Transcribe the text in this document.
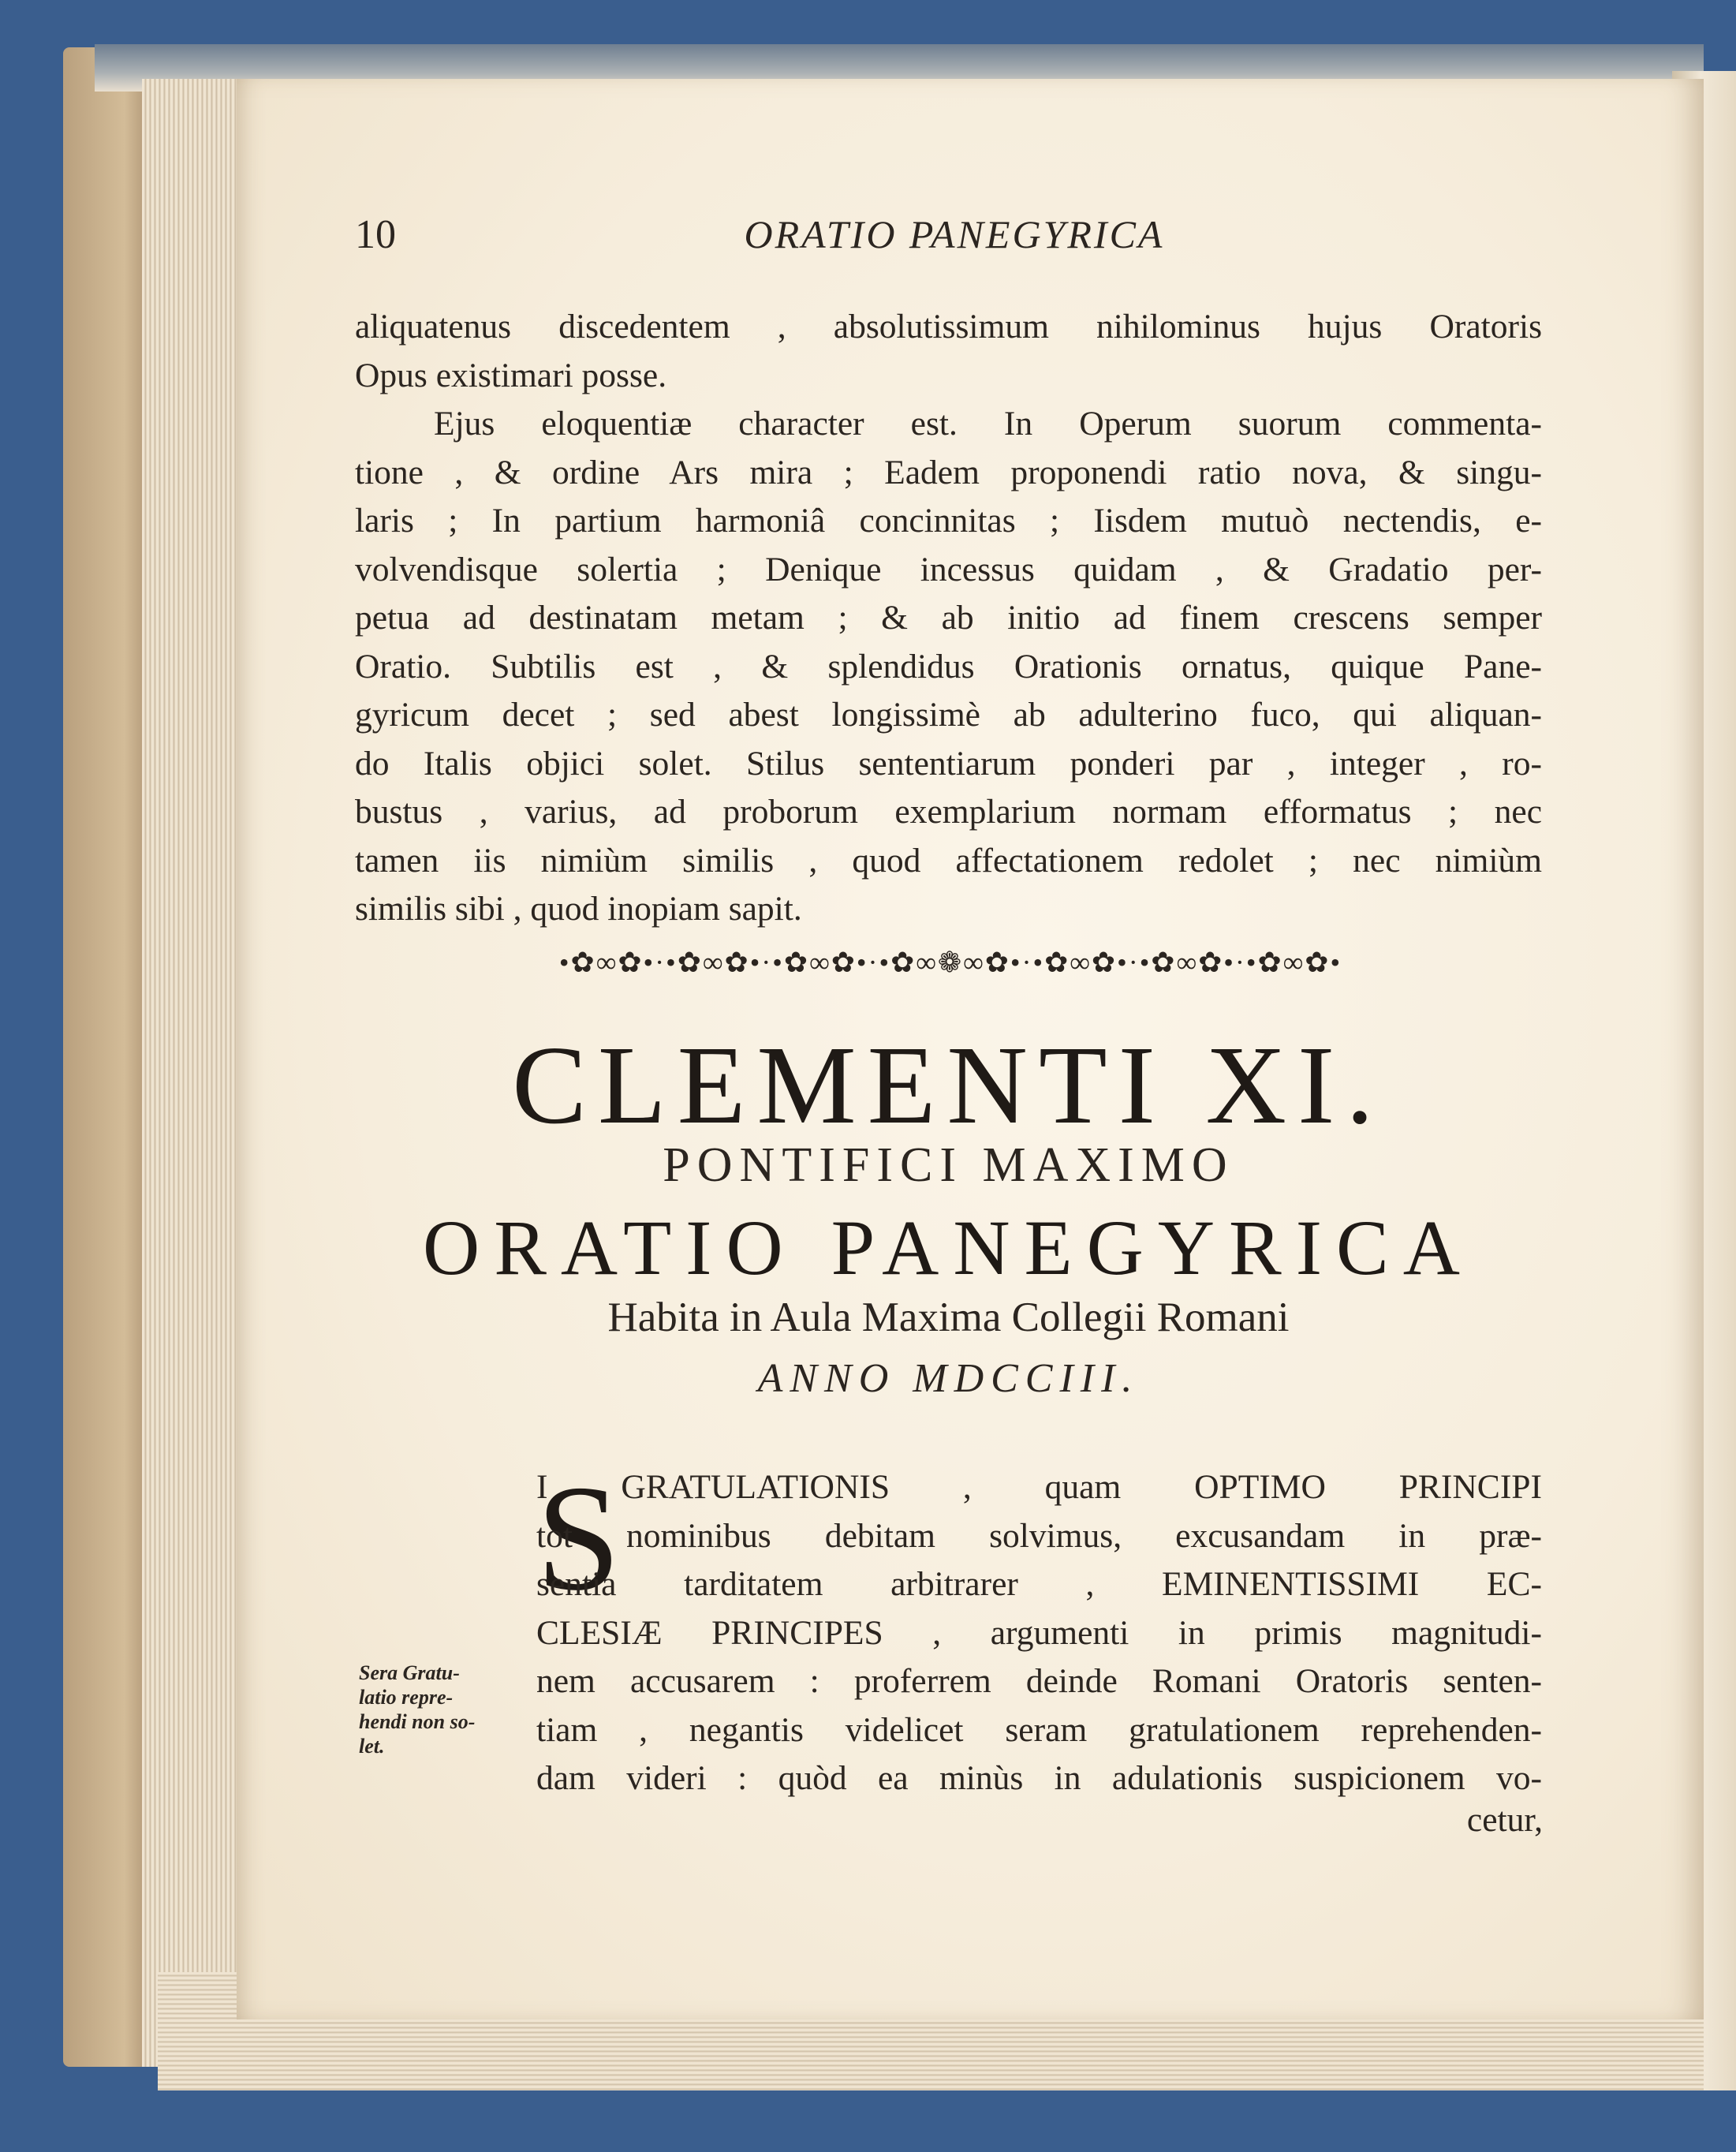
10	ORATIO PANEGYRICA
aliquatenus discedentem , absolutissimum nihilominus hujus Oratoris
Opus existimari posse.
Ejus eloquentiæ character est. In Operum suorum commenta-
tione , & ordine Ars mira ; Eadem proponendi ratio nova, & singu-
laris ; In partium harmoniâ concinnitas ; Iisdem mutuò nectendis, e-
volvendisque solertia ; Denique incessus quidam , & Gradatio per-
petua ad destinatam metam ; & ab initio ad finem crescens semper
Oratio. Subtilis est , & splendidus Orationis ornatus, quique Pane-
gyricum decet ; sed abest longissimè ab adulterino fuco, qui aliquan-
do Italis objici solet. Stilus sententiarum ponderi par , integer , ro-
bustus , varius, ad proborum exemplarium normam efformatus ; nec
tamen iis nimiùm similis , quod affectationem redolet ; nec nimiùm
similis sibi , quod inopiam sapit.
•✿∞✿•·•✿∞✿•·•✿∞✿•·•✿∞❁∞✿•·•✿∞✿•·•✿∞✿•·•✿∞✿•
CLEMENTI XI.
PONTIFICI MAXIMO
ORATIO PANEGYRICA
Habita in Aula Maxima Collegii Romani
ANNO MDCCIII.
S
I GRATULATIONIS , quam OPTIMO PRINCIPI
tot nominibus debitam solvimus, excusandam in præ-
sentia tarditatem arbitrarer , EMINENTISSIMI EC-
CLESIÆ PRINCIPES , argumenti in primis magnitudi-
nem accusarem : proferrem deinde Romani Oratoris senten-
tiam , negantis videlicet seram gratulationem reprehenden-
dam videri : quòd ea minùs in adulationis suspicionem vo-
Sera Gratu-
latio repre-
hendi non so-
let.
cetur,
